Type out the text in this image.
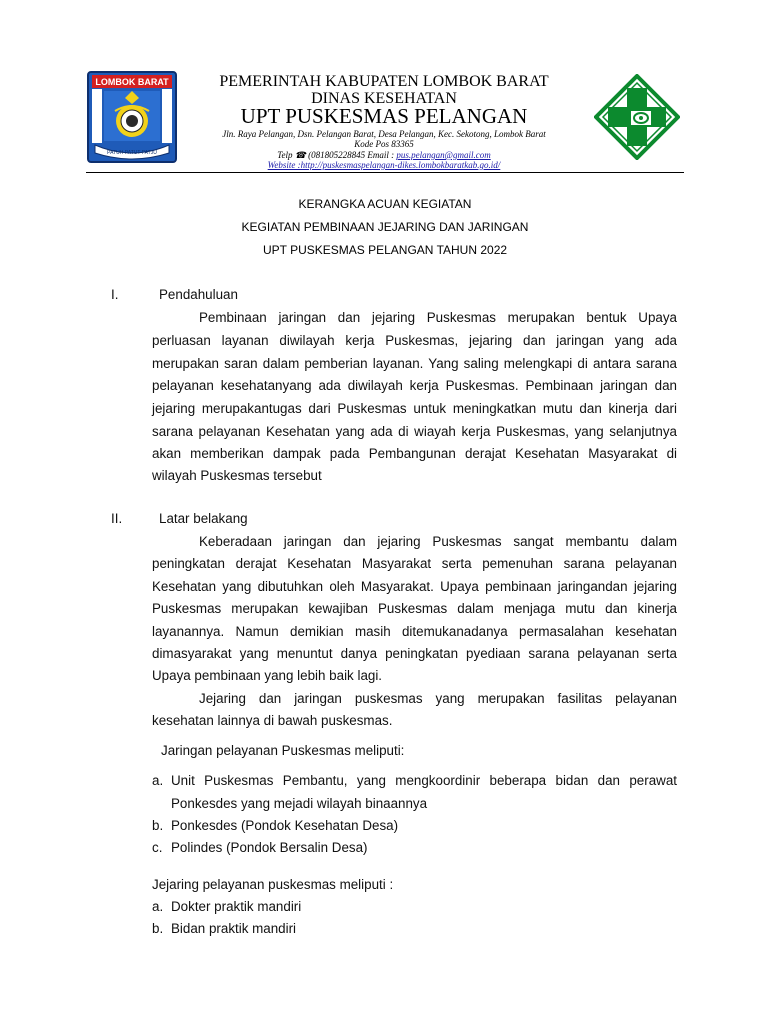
LOMBOK BARAT
PATUH PATUT PATJU
PEMERINTAH KABUPATEN LOMBOK BARAT
DINAS KESEHATAN
UPT PUSKESMAS PELANGAN
Jln. Raya Pelangan, Dsn. Pelangan Barat, Desa Pelangan, Kec. Sekotong, Lombok Barat
Kode Pos 83365
Telp ☎ (081805228845 Email : pus.pelangan@gmail.com
Website :http://puskesmaspelangan-dikes.lombokbaratkab.go.id/
KERANGKA ACUAN KEGIATAN
KEGIATAN PEMBINAAN JEJARING DAN JARINGAN
UPT PUSKESMAS PELANGAN TAHUN 2022
I.	Pendahuluan
Pembinaan jaringan dan jejaring Puskesmas merupakan bentuk Upaya
perluasan layanan diwilayah kerja Puskesmas, jejaring dan jaringan yang ada
merupakan saran dalam pemberian layanan. Yang saling melengkapi di antara sarana
pelayanan kesehatanyang ada diwilayah kerja Puskesmas. Pembinaan jaringan dan
jejaring merupakantugas dari Puskesmas untuk meningkatkan mutu dan kinerja dari
sarana pelayanan Kesehatan yang ada di wiayah kerja Puskesmas, yang selanjutnya
akan memberikan dampak pada Pembangunan derajat Kesehatan Masyarakat di
wilayah Puskesmas tersebut
II.	Latar belakang
Keberadaan jaringan dan jejaring Puskesmas sangat membantu dalam
peningkatan derajat Kesehatan Masyarakat serta pemenuhan sarana pelayanan
Kesehatan yang dibutuhkan oleh Masyarakat. Upaya pembinaan jaringandan jejaring
Puskesmas merupakan kewajiban Puskesmas dalam menjaga mutu dan kinerja
layanannya. Namun demikian masih ditemukanadanya permasalahan kesehatan
dimasyarakat yang menuntut danya peningkatan pyediaan sarana pelayanan serta
Upaya pembinaan yang lebih baik lagi.
Jejaring dan jaringan puskesmas yang merupakan fasilitas pelayanan
kesehatan lainnya di bawah puskesmas.
Jaringan pelayanan Puskesmas meliputi:
a. Unit Puskesmas Pembantu, yang mengkoordinir beberapa bidan dan perawat
Ponkesdes yang mejadi wilayah binaannya
b. Ponkesdes (Pondok Kesehatan Desa)
c. Polindes (Pondok Bersalin Desa)
Jejaring pelayanan puskesmas meliputi :
a. Dokter praktik mandiri
b. Bidan praktik mandiri
